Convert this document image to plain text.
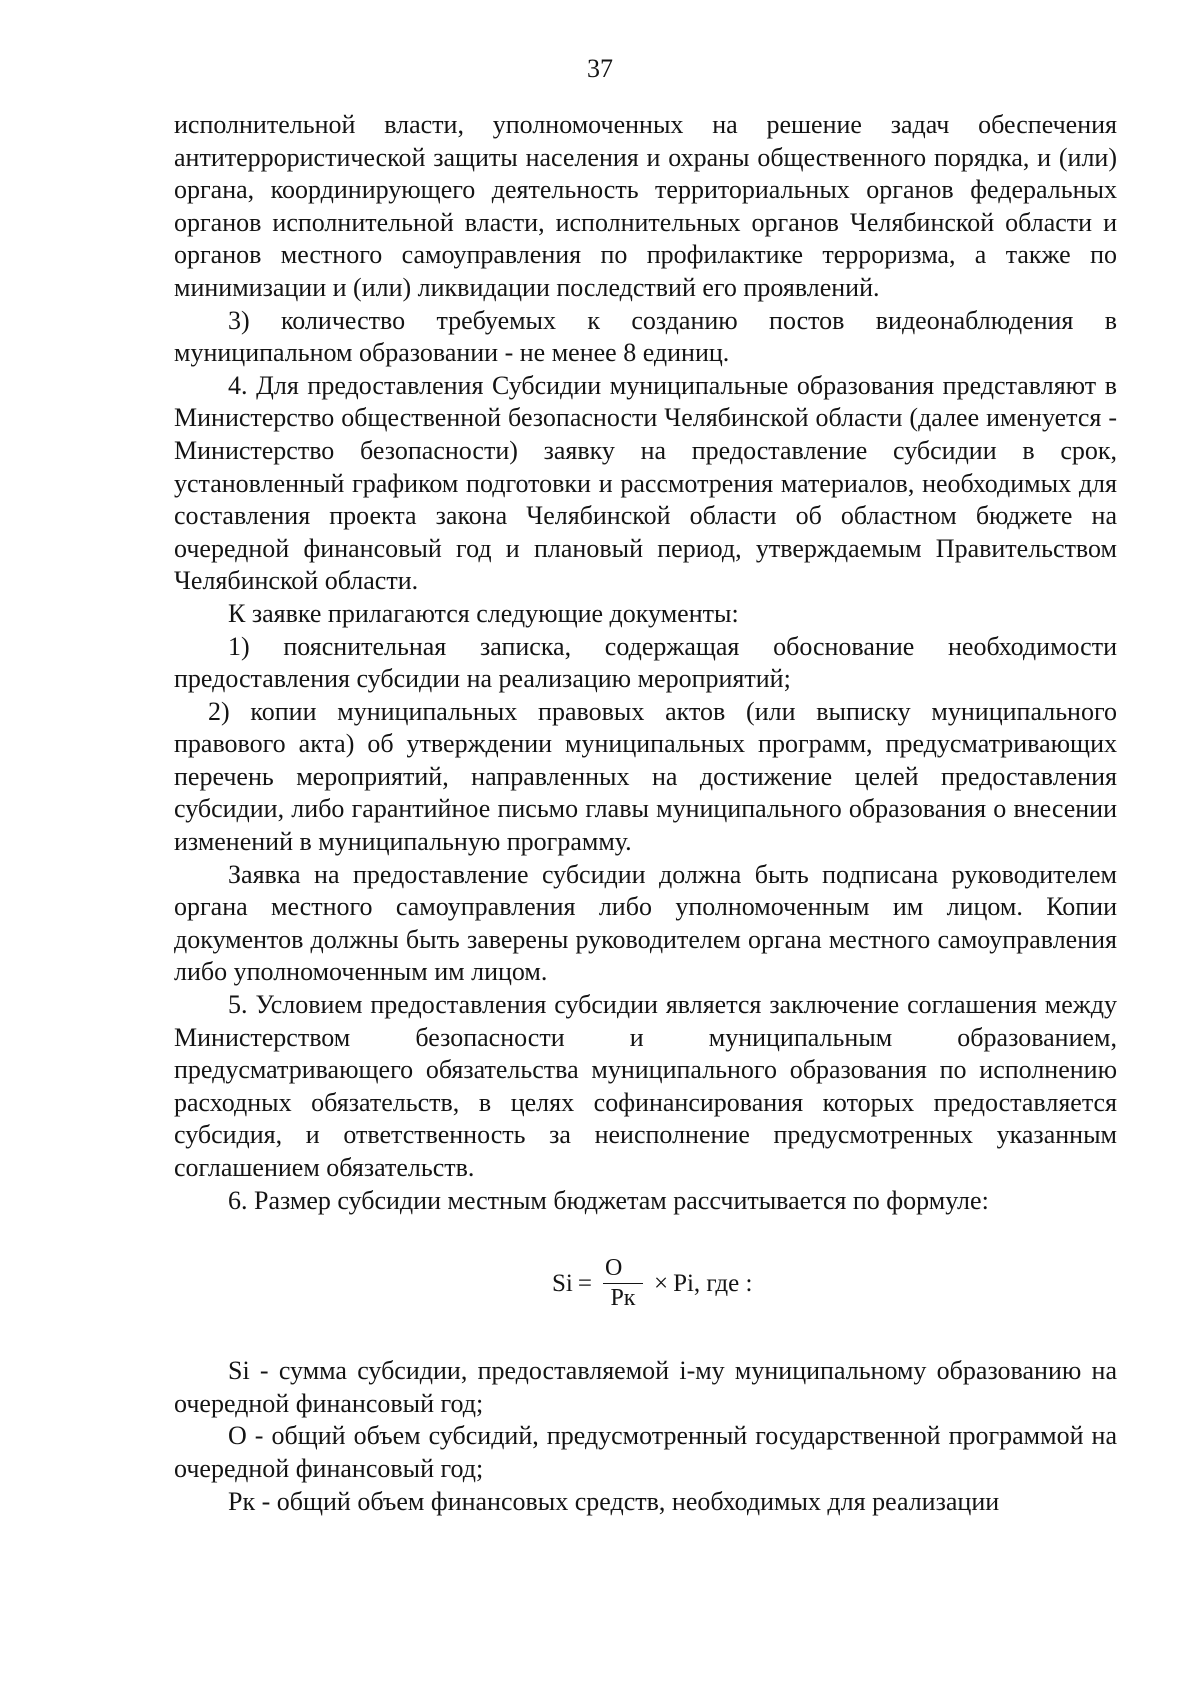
37

исполнительной власти, уполномоченных на решение задач обеспечения антитеррористической защиты населения и охраны общественного порядка, и (или) органа, координирующего деятельность территориальных органов федеральных органов исполнительной власти, исполнительных органов Челябинской области и органов местного самоуправления по профилактике терроризма, а также по минимизации и (или) ликвидации последствий его проявлений.

3) количество требуемых к созданию постов видеонаблюдения в муниципальном образовании - не менее 8 единиц.

4. Для предоставления Субсидии муниципальные образования представляют в Министерство общественной безопасности Челябинской области (далее именуется - Министерство безопасности) заявку на предоставление субсидии в срок, установленный графиком подготовки и рассмотрения материалов, необходимых для составления проекта закона Челябинской области об областном бюджете на очередной финансовый год и плановый период, утверждаемым Правительством Челябинской области.

К заявке прилагаются следующие документы:

1) пояснительная записка, содержащая обоснование необходимости предоставления субсидии на реализацию мероприятий;

2) копии муниципальных правовых актов (или выписку муниципального правового акта) об утверждении муниципальных программ, предусматривающих перечень мероприятий, направленных на достижение целей предоставления субсидии, либо гарантийное письмо главы муниципального образования о внесении изменений в муниципальную программу.

Заявка на предоставление субсидии должна быть подписана руководителем органа местного самоуправления либо уполномоченным им лицом. Копии документов должны быть заверены руководителем органа местного самоуправления либо уполномоченным им лицом.

5. Условием предоставления субсидии является заключение соглашения между Министерством безопасности и муниципальным образованием, предусматривающего обязательства муниципального образования по исполнению расходных обязательств, в целях софинансирования которых предоставляется субсидия, и ответственность за неисполнение предусмотренных указанным соглашением обязательств.

6. Размер субсидии местным бюджетам рассчитывается по формуле:

$Si = \frac{O}{Рк} \times Pi$, где :

Si - сумма субсидии, предоставляемой i-му муниципальному образованию на очередной финансовый год;

О - общий объем субсидий, предусмотренный государственной программой на очередной финансовый год;

Рк - общий объем финансовых средств, необходимых для реализации
